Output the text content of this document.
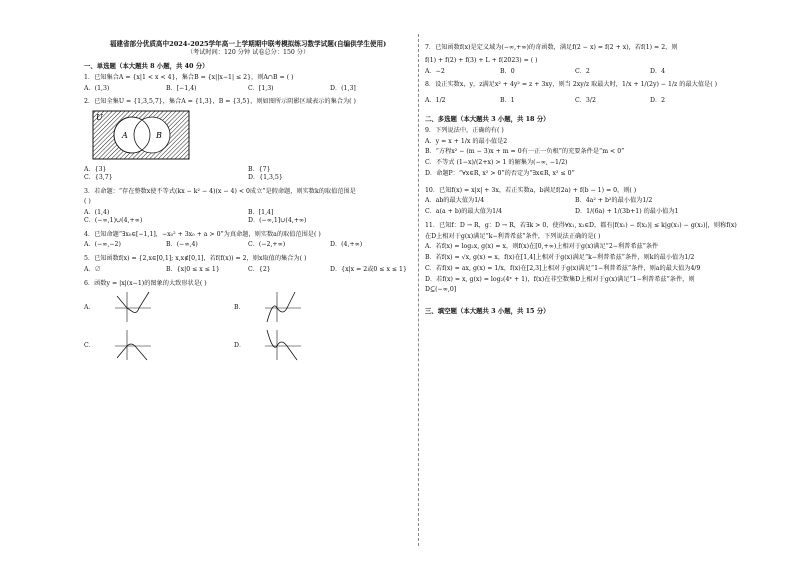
福建省部分优质高中2024-2025学年高一上学期期中联考模拟练习数学试题(自编供学生使用)
（考试时间：120 分钟 试卷总分：150 分）
一、单选题（本大题共 8 小题，共 40 分）
1．已知集合A = {x|1 < x < 4}，集合B = {x||x−1| ≤ 2}，则A∩B = ( )
A．(1,3)	B．[−1,4)	C．[1,3)	D．(1,3]
2．已知全集U = {1,3,5,7}，集合A = {1,3}，B = {3,5}，则如图所示阴影区域表示的集合为( )
U
A	B
A．{3}	B．{7}
C．{3,7}	D．{1,3,5}
3．若命题：“存在整数x使不等式(kx − k² − 4)(x − 4) < 0成立”是假命题，则实数k的取值范围是
( )
A．(1,4)	B．[1,4]
C．(−∞,1)∪(4,+∞)	D．(−∞,1]∪(4,+∞)
4．已知命题“∃x₀∈[−1,1]，−x₀² + 3x₀ + a > 0”为真命题，则实数a的取值范围是( )
A．(−∞,−2)	B．(−∞,4)	C．(−2,+∞)	D．(4,+∞)
5．已知函数f(x) = {2,x∈[0,1]; x,x∉[0,1]，若f(f(x)) = 2，则x取值的集合为( )
A．∅	B．{x|0 ≤ x ≤ 1}	C．{2}	D．{x|x = 2或0 ≤ x ≤ 1}
6．函数y = |x|(x−1)的图象的大致形状是( )
A．	B．
C．	D．
7．已知函数f(x)是定义域为(−∞,+∞)的奇函数，满足f(2 − x) = f(2 + x)，若f(1) = 2，则
f(1) + f(2) + f(3) + L + f(2023) = ( )
A．−2	B．0	C．2	D．4
8．设正实数x，y，z满足x² + 4y² = z + 3xy，则当 2xy/z 取最大时，1/x + 1/(2y) − 1/z 的最大值是( )
A．1/2	B．1	C．3/2	D．2
二、多选题（本大题共 3 小题，共 18 分）
9．下列说法中，正确的有( )
A．y = x + 1/x 的最小值是2
B．“方程x² − (m − 3)x + m = 0有一正一负根”的充要条件是“m < 0”
C．不等式 (1−x)/(2+x) > 1 的解集为(−∞, −1/2)
D．命题P：“∀x∈R, x² > 0”的否定为“∃x∈R, x² ≤ 0”
10．已知f(x) = x|x| + 3x，若正实数a，b满足f(2a) + f(b − 1) = 0，则( )
A．ab的最大值为1/4	B．4a² + b²的最小值为1/2
C．a(a + b)的最大值为1/4	D．1/(6a) + 1/(3b+1) 的最小值为1
11．已知f：D → R，g：D → R，若∃k > 0，使得∀x₁, x₂∈D，都有|f(x₁) − f(x₂)| ≤ k|g(x₁) − g(x₂)|，则称f(x)
在D上相对于g(x)满足“k−利普希兹”条件，下列说法正确的是( )
A．若f(x) = log₂x, g(x) = x，则f(x)在[0,+∞)上相对于g(x)满足“2−利普希兹”条件
B．若f(x) = √x, g(x) = x，f(x)在[1,4]上相对于g(x)满足“k−利普希兹”条件，则k的最小值为1/2
C．若f(x) = ax, g(x) = 1/x，f(x)在[2,3]上相对于g(x)满足“1−利普希兹”条件，则a的最大值为4/9
D．若f(x) = x, g(x) = log₂(4ˣ + 1)，f(x)在非空数集D上相对于g(x)满足“1−利普希兹”条件，则
D⊆(−∞,0]
三、填空题（本大题共 3 小题，共 15 分）
